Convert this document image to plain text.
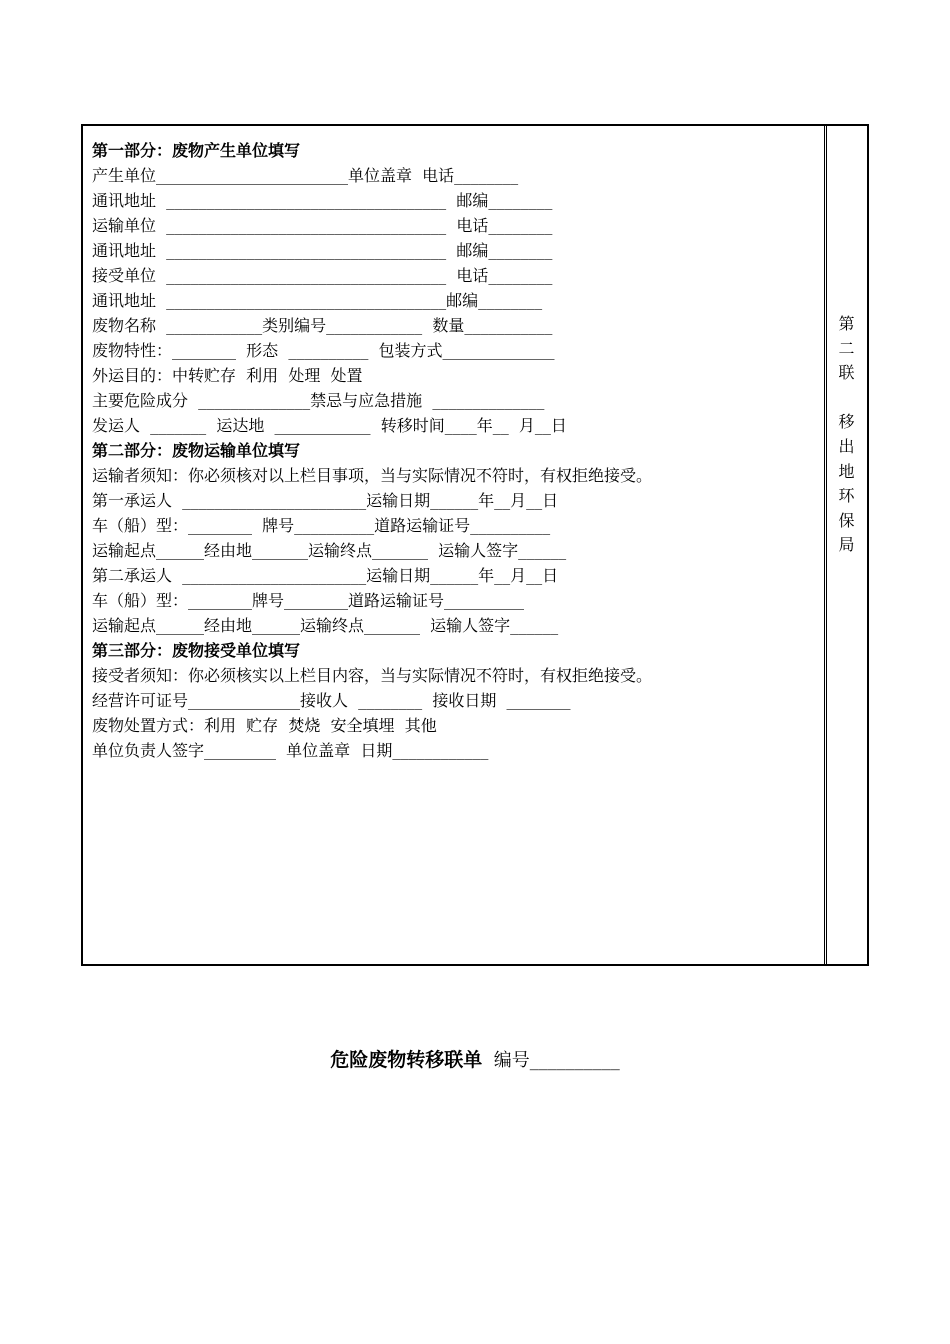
第一部分：废物产生单位填写
产生单位________________________单位盖章  电话________
通讯地址  ___________________________________  邮编________
运输单位  ___________________________________  电话________
通讯地址  ___________________________________  邮编________
接受单位  ___________________________________  电话________
通讯地址  ___________________________________邮编________
废物名称  ____________类别编号____________  数量___________
废物特性：________  形态  __________  包装方式______________
外运目的：中转贮存  利用  处理  处置
主要危险成分  ______________禁忌与应急措施  ______________
发运人  _______  运达地  ____________  转移时间____年__  月__日
第二部分：废物运输单位填写
运输者须知：你必须核对以上栏目事项，当与实际情况不符时，有权拒绝接受。
第一承运人  _______________________运输日期______年__月__日
车（船）型：________  牌号__________道路运输证号__________
运输起点______经由地_______运输终点_______  运输人签字______
第二承运人  _______________________运输日期______年__月__日
车（船）型：________牌号________道路运输证号__________
运输起点______经由地______运输终点_______  运输人签字______
第三部分：废物接受单位填写
接受者须知：你必须核实以上栏目内容，当与实际情况不符时，有权拒绝接受。
经营许可证号______________接收人  ________  接收日期  ________
废物处置方式：利用  贮存  焚烧  安全填埋  其他
单位负责人签字_________  单位盖章  日期____________
第
二
联
移
出
地
环
保
局
危险废物转移联单 编号__________
